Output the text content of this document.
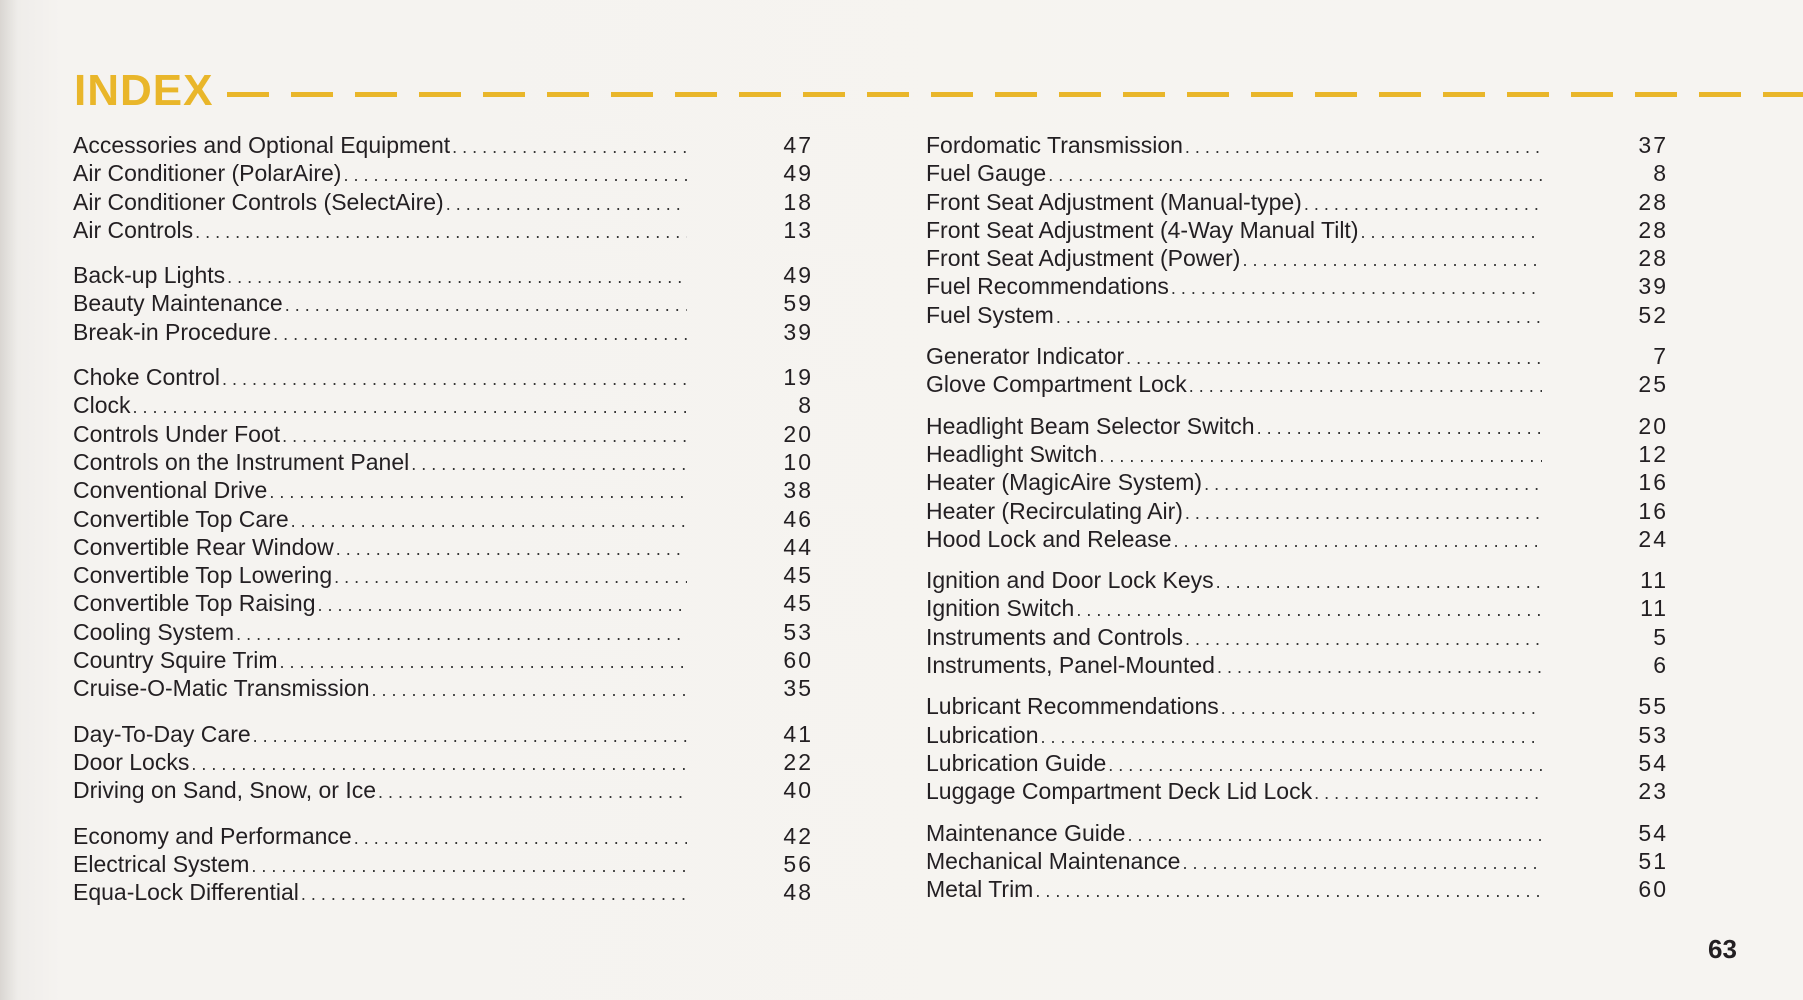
INDEX
Accessories and Optional Equipment . . .	47
Air Conditioner (PolarAire) . . .	49
Air Conditioner Controls (SelectAire) . . .	18
Air Controls . . .	13
Back-up Lights . . .	49
Beauty Maintenance . . .	59
Break-in Procedure . . .	39
Choke Control . . .	19
Clock . . .	8
Controls Under Foot . . .	20
Controls on the Instrument Panel . . .	10
Conventional Drive . . .	38
Convertible Top Care . . .	46
Convertible Rear Window . . .	44
Convertible Top Lowering . . .	45
Convertible Top Raising . . .	45
Cooling System . . .	53
Country Squire Trim . . .	60
Cruise-O-Matic Transmission . . .	35
Day-To-Day Care . . .	41
Door Locks . . .	22
Driving on Sand, Snow, or Ice . . .	40
Economy and Performance . . .	42
Electrical System . . .	56
Equa-Lock Differential . . .	48
Fordomatic Transmission . . .	37
Fuel Gauge . . .	8
Front Seat Adjustment (Manual-type) . . .	28
Front Seat Adjustment (4-Way Manual Tilt) . . .	28
Front Seat Adjustment (Power) . . .	28
Fuel Recommendations . . .	39
Fuel System . . .	52
Generator Indicator . . .	7
Glove Compartment Lock . . .	25
Headlight Beam Selector Switch . . .	20
Headlight Switch . . .	12
Heater (MagicAire System) . . .	16
Heater (Recirculating Air) . . .	16
Hood Lock and Release . . .	24
Ignition and Door Lock Keys . . .	11
Ignition Switch . . .	11
Instruments and Controls . . .	5
Instruments, Panel-Mounted . . .	6
Lubricant Recommendations . . .	55
Lubrication . . .	53
Lubrication Guide . . .	54
Luggage Compartment Deck Lid Lock . . .	23
Maintenance Guide . . .	54
Mechanical Maintenance . . .	51
Metal Trim . . .	60
63
